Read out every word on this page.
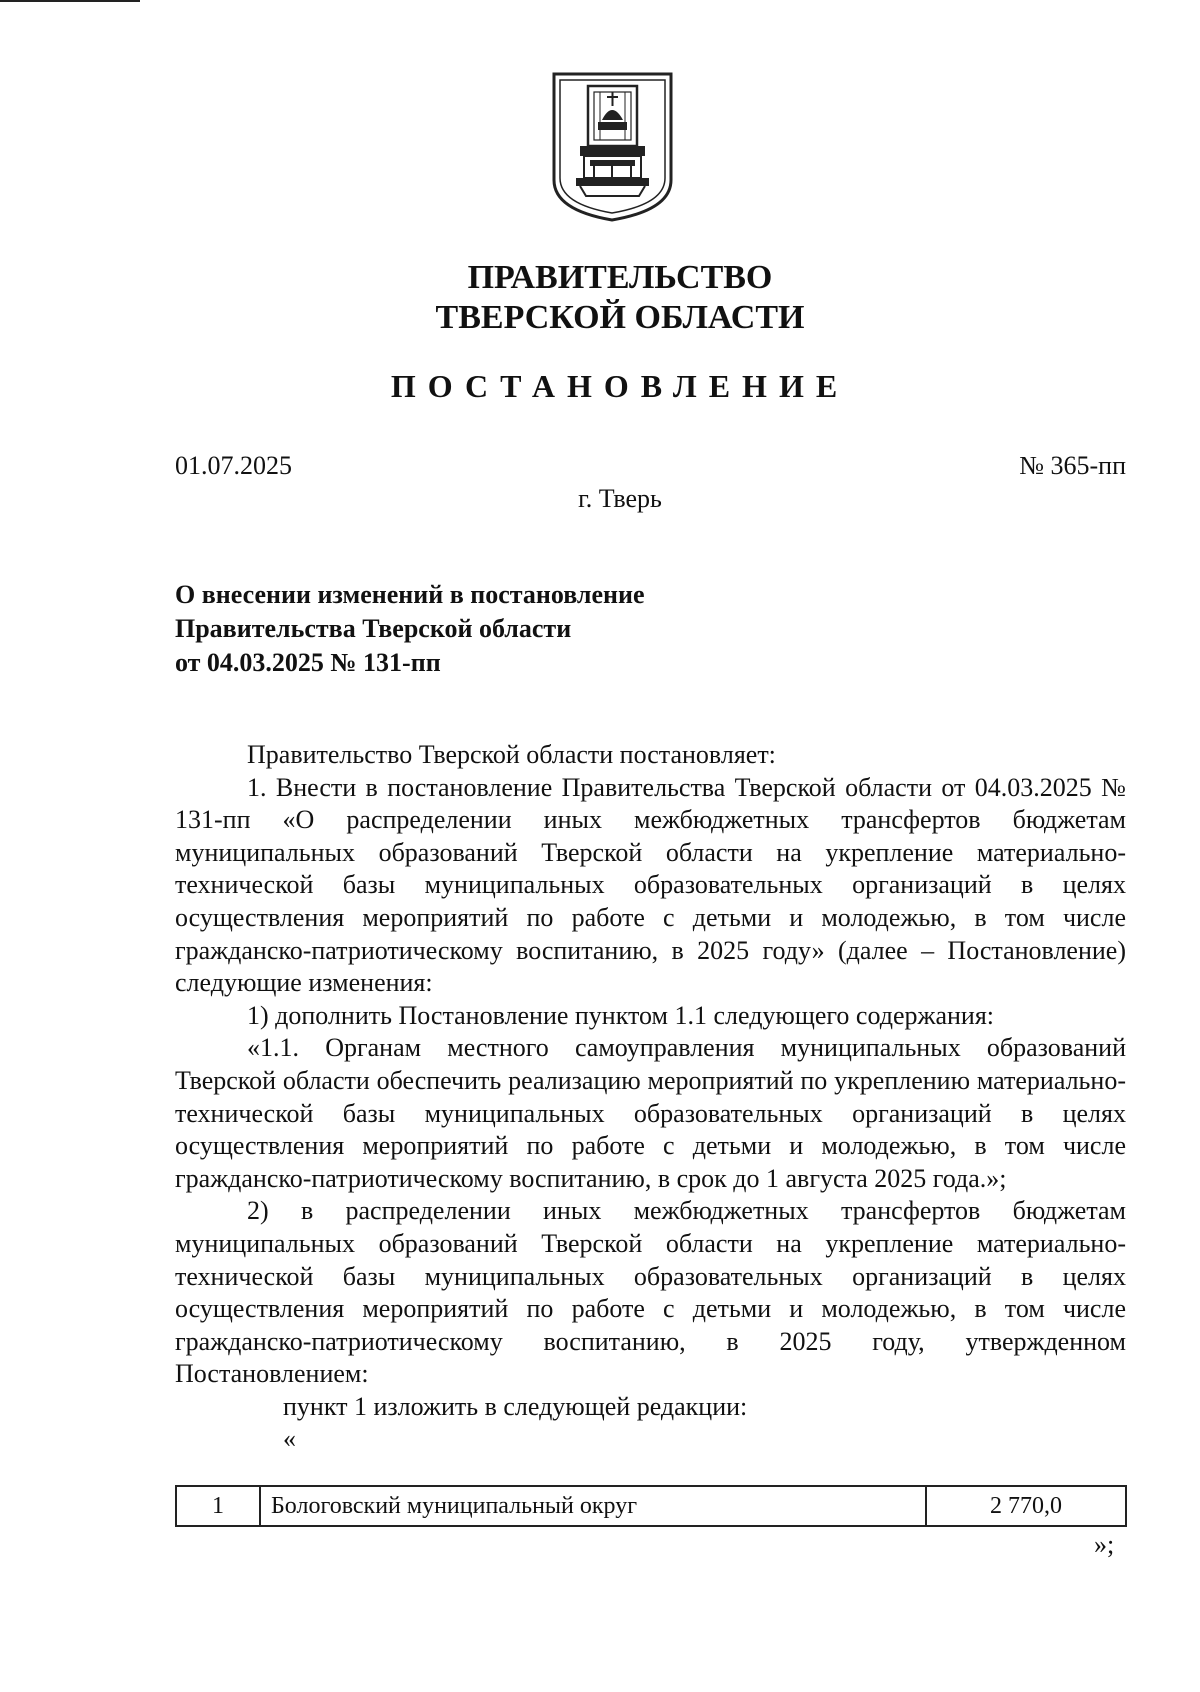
ПРАВИТЕЛЬСТВО
ТВЕРСКОЙ ОБЛАСТИ
ПОСТАНОВЛЕНИЕ
01.07.2025	№ 365-пп
г. Тверь
О внесении изменений в постановление
Правительства Тверской области
от 04.03.2025 № 131-пп

Правительство Тверской области постановляет:

1. Внести в постановление Правительства Тверской области от 04.03.2025 № 131-пп «О распределении иных межбюджетных трансфертов бюджетам муниципальных образований Тверской области на укрепление материально-технической базы муниципальных образовательных организаций в целях осуществления мероприятий по работе с детьми и молодежью, в том числе гражданско-патриотическому воспитанию, в 2025 году» (далее – Постановление) следующие изменения:

1) дополнить Постановление пунктом 1.1 следующего содержания:

«1.1. Органам местного самоуправления муниципальных образований Тверской области обеспечить реализацию мероприятий по укреплению материально-технической базы муниципальных образовательных организаций в целях осуществления мероприятий по работе с детьми и молодежью, в том числе гражданско-патриотическому воспитанию, в срок до 1 августа 2025 года.»;

2) в распределении иных межбюджетных трансфертов бюджетам муниципальных образований Тверской области на укрепление материально-технической базы муниципальных образовательных организаций в целях осуществления мероприятий по работе с детьми и молодежью, в том числе гражданско-патриотическому воспитанию, в 2025 году, утвержденном Постановлением:

пункт 1 изложить в следующей редакции:

«
1	Бологовский муниципальный округ	2 770,0
»;
